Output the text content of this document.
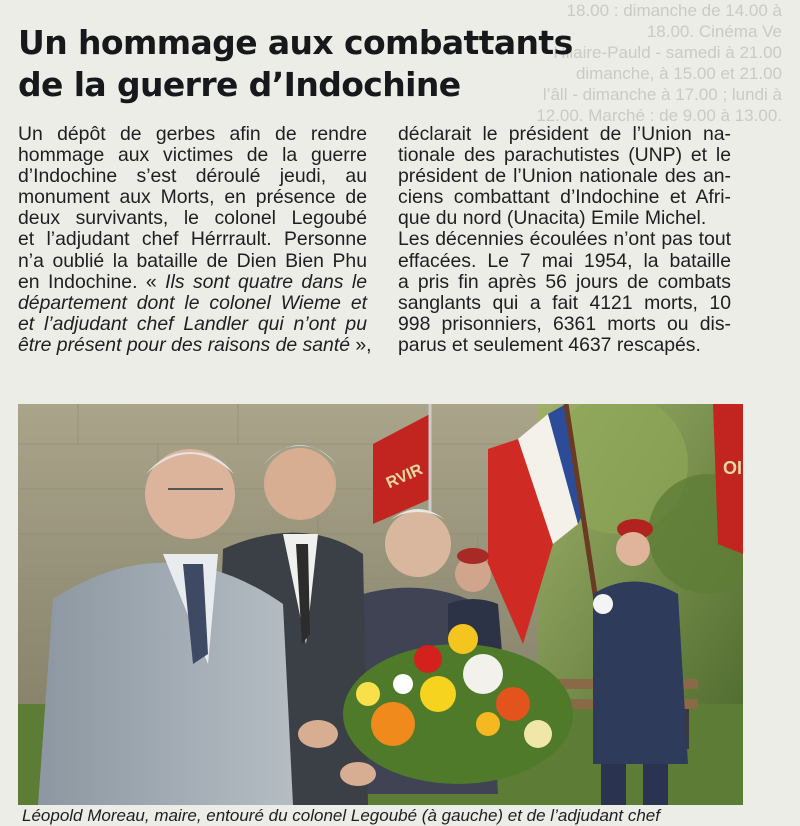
18.00 : dimanche de 14.00 à
18.00. Cinéma Ve
Hilaire-Pauld - samedi à 21.00
dimanche, à 15.00 et 21.00
l’âll - dimanche à 17.00 ; lundi à
12.00. Marché : de 9.00 à 13.00.
Un hommage aux combattants
de la guerre d’Indochine
Un dépôt de gerbes afin de rendre
hommage aux victimes de la guerre
d’Indochine s’est déroulé jeudi, au
monument aux Morts, en présence de
deux survivants, le colonel Legoubé
et l’adjudant chef Hérrrault. Personne
n’a oublié la bataille de Dien Bien Phu
en Indochine. « Ils sont quatre dans le
département dont le colonel Wieme et
et l’adjudant chef Landler qui n’ont pu
être présent pour des raisons de santé »,
déclarait le président de l’Union na-
tionale des parachutistes (UNP) et le
président de l’Union nationale des an-
ciens combattant d’Indochine et Afri-
que du nord (Unacita) Emile Michel.
Les décennies écoulées n’ont pas tout
effacées. Le 7 mai 1954, la bataille
a pris fin après 56 jours de combats
sanglants qui a fait 4121 morts, 10
998 prisonniers, 6361 morts ou dis-
parus et seulement 4637 rescapés.
RVIR	OI
Léopold Moreau, maire, entouré du colonel Legoubé (à gauche) et de l’adjudant chef
